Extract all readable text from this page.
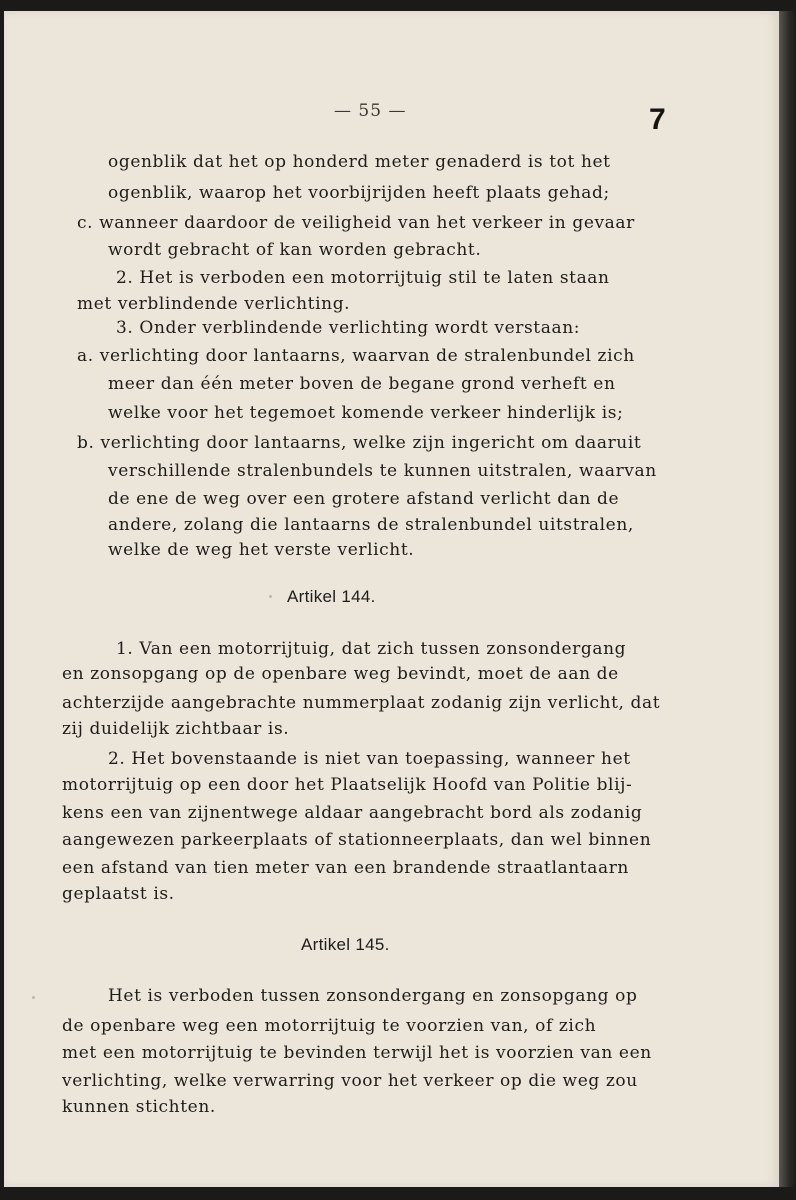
— 55 —	7

ogenblik dat het op honderd meter genaderd is tot het

ogenblik, waarop het voorbijrijden heeft plaats gehad;

c. wanneer daardoor de veiligheid van het verkeer in gevaar

wordt gebracht of kan worden gebracht.

2. Het is verboden een motorrijtuig stil te laten staan

met verblindende verlichting.

3. Onder verblindende verlichting wordt verstaan:

a. verlichting door lantaarns, waarvan de stralenbundel zich

meer dan één meter boven de begane grond verheft en

welke voor het tegemoet komende verkeer hinderlijk is;

b. verlichting door lantaarns, welke zijn ingericht om daaruit

verschillende stralenbundels te kunnen uitstralen, waarvan

de ene de weg over een grotere afstand verlicht dan de

andere, zolang die lantaarns de stralenbundel uitstralen,

welke de weg het verste verlicht.

Artikel 144.

1. Van een motorrijtuig, dat zich tussen zonsondergang

en zonsopgang op de openbare weg bevindt, moet de aan de

achterzijde aangebrachte nummerplaat zodanig zijn verlicht, dat

zij duidelijk zichtbaar is.

2. Het bovenstaande is niet van toepassing, wanneer het

motorrijtuig op een door het Plaatselijk Hoofd van Politie blij-

kens een van zijnentwege aldaar aangebracht bord als zodanig

aangewezen parkeerplaats of stationneerplaats, dan wel binnen

een afstand van tien meter van een brandende straatlantaarn

geplaatst is.

Artikel 145.

Het is verboden tussen zonsondergang en zonsopgang op

de openbare weg een motorrijtuig te voorzien van, of zich

met een motorrijtuig te bevinden terwijl het is voorzien van een

verlichting, welke verwarring voor het verkeer op die weg zou

kunnen stichten.
